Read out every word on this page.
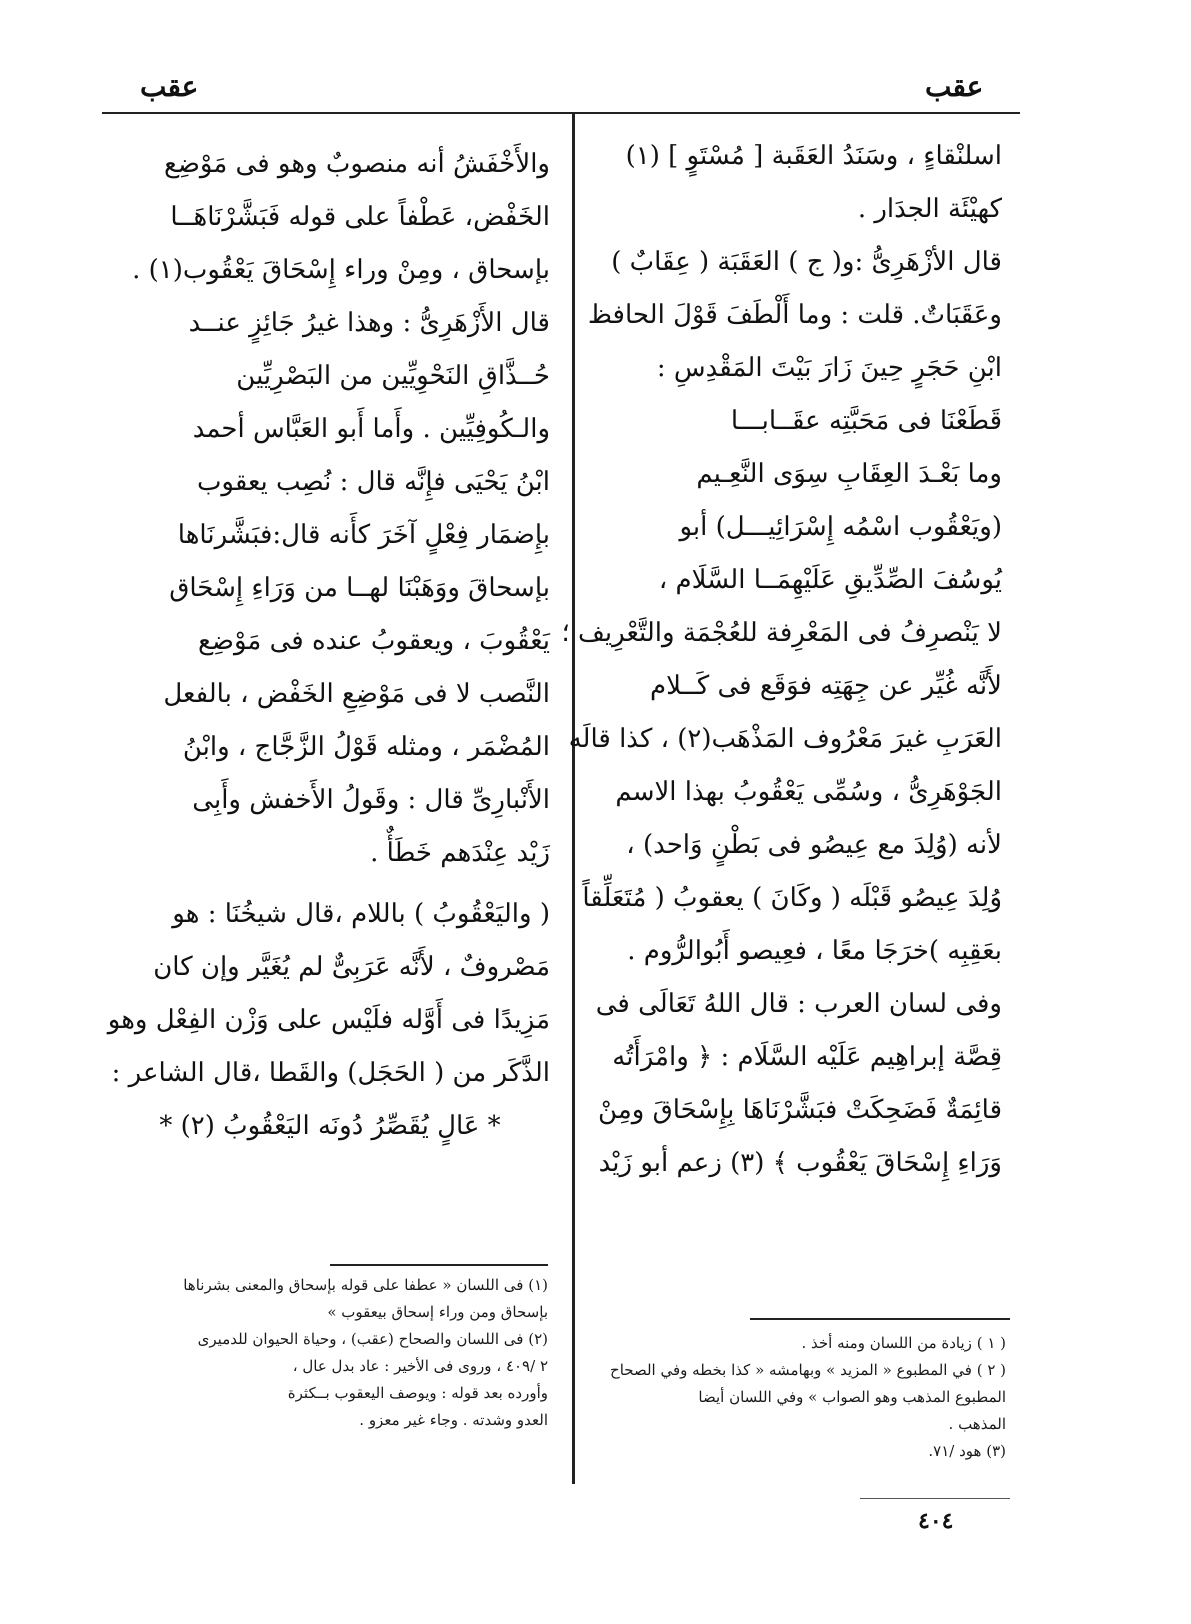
عقب
عقب
اسلنْقاءٍ ، وسَنَدُ العَقَبة [ مُسْتَوٍ ] (١)
كهيْئَة الجدَار .
قال الأزْهَرِىُّ :و( ج ) العَقَبَة ( عِقَابٌ )
وعَقَبَاتٌ. قلت : وما أَلْطَفَ قَوْلَ الحافظ
ابْنِ حَجَرٍ حِينَ زَارَ بَيْتَ المَقْدِسِ :
قَطَعْنَا فى مَحَبَّتِه عقَــابـــا
وما بَعْـدَ العِقَابِ سِوَى النَّعِـيم
(ويَعْقُوب اسْمُه إِسْرَائِيـــل) أبو
يُوسُفَ الصِّدِّيقِ عَلَيْهِمَــا السَّلَام ،
لا يَنْصرِفُ فى المَعْرِفة للعُجْمَة والتَّعْرِيف ؛
لأَنَّه غُيِّر عن جِهَتِه فوَقَع فى كَــلام
العَرَبِ غيرَ مَعْرُوف المَذْهَب(٢) ، كذا قالَه
الجَوْهَرِىُّ ، وسُمِّى يَعْقُوبُ بهذا الاسم
لأنه (وُلِدَ مع عِيصُو فى بَطْنٍ وَاحد) ،
وُلِدَ عِيصُو قَبْلَه ( وكَانَ ) يعقوبُ ( مُتَعَلِّقاً
بعَقِبِه )خرَجَا معًا ، فعِيصو أَبُوالرُّوم .
وفى لسان العرب : قال اللهُ تَعَالَى فى
قِصَّة إبراهِيم عَلَيْه السَّلَام : ﴿ وامْرَأَتُه
قائِمَةٌ فَضَحِكَتْ فبَشَّرْنَاهَا بِإِسْحَاقَ ومِنْ
وَرَاءِ إِسْحَاقَ يَعْقُوب ﴾ (٣) زعم أبو زَيْد
( ١ ) زيادة من اللسان ومنه أخذ .
( ٢ ) في المطبوع « المزيد » وبهامشه « كذا بخطه وفي الصحاح
المطبوع المذهب وهو الصواب » وفي اللسان أيضا
المذهب .
(٣) هود /٧١.
والأَخْفَشُ أنه منصوبٌ وهو فى مَوْضِع
الخَفْض، عَطْفاً على قوله فَبَشَّرْنَاهَــا
بإسحاق ، ومِنْ وراء إِسْحَاقَ يَعْقُوب(١) .
قال الأَزْهَرِىُّ : وهذا غيرُ جَائِزٍ عنــد
حُــذَّاقِ النَحْوِيِّين من البَصْرِيِّين
والـكُوفِيِّين . وأَما أَبو العَبَّاس أحمد
ابْنُ يَحْيَى فإِنَّه قال : نُصِب يعقوب
بإِضمَار فِعْلٍ آخَرَ كأَنه قال:فبَشَّرنَاها
بإسحاقَ ووَهَبْنَا لهــا من وَرَاءِ إِسْحَاق
يَعْقُوبَ ، ويعقوبُ عنده فى مَوْضِع
النَّصب لا فى مَوْضِعِ الخَفْض ، بالفعل
المُضْمَر ، ومثله قَوْلُ الزَّجَّاج ، وابْنُ
الأَنْبارِىِّ قال : وقَولُ الأَخفش وأَبِى
زَيْد عِنْدَهم خَطَأٌ .
( واليَعْقُوبُ ) باللام ،قال شيخُنَا : هو
مَصْروفٌ ، لأَنَّه عَرَبِىٌّ لم يُغَيَّر وإن كان
مَزِيدًا فى أَوَّله فلَيْس على وَزْن الفِعْل وهو
الذَّكَر من ( الحَجَل) والقَطا ،قال الشاعر :
* عَالٍ يُقَصِّرُ دُونَه اليَعْقُوبُ (٢) *
(١) فى اللسان « عطفا على قوله بإسحاق والمعنى بشرناها
بإسحاق ومن وراء إسحاق بيعقوب »
(٢) فى اللسان والصحاح (عقب) ، وحياة الحيوان للدميرى
٢ /٤٠٩ ، وروى فى الأخير : عاد بدل عال ،
وأورده بعد قوله : ويوصف اليعقوب بــكثرة
العدو وشدته . وجاء غير معزو .
٤٠٤
